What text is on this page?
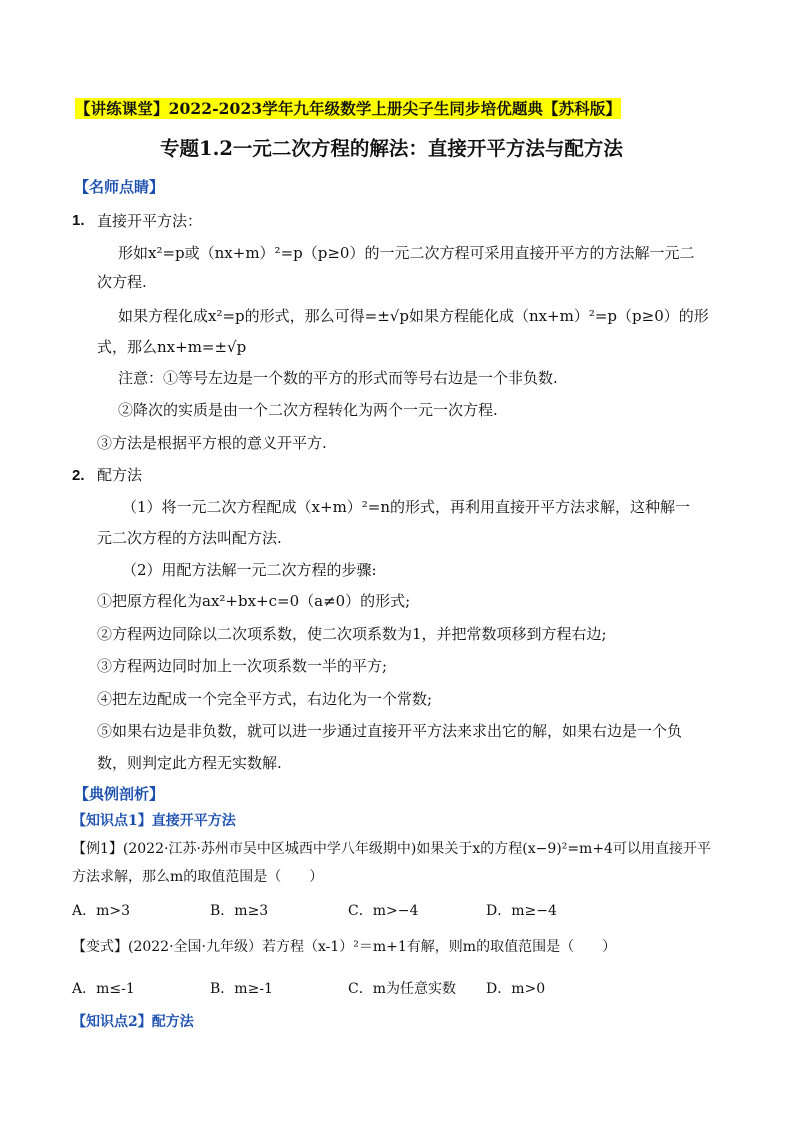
【讲练课堂】2022-2023学年九年级数学上册尖子生同步培优题典【苏科版】
专题1.2一元二次方程的解法：直接开平方法与配方法
【名师点睛】
1. 直接开平方法：
形如x²=p或（nx+m）²=p（p≥0）的一元二次方程可采用直接开平方的方法解一元二
次方程.
如果方程化成x²=p的形式，那么可得=±√p如果方程能化成（nx+m）²=p（p≥0）的形
式，那么nx+m=±√p
注意：①等号左边是一个数的平方的形式而等号右边是一个非负数.
②降次的实质是由一个二次方程转化为两个一元一次方程.
③方法是根据平方根的意义开平方.
2. 配方法
（1）将一元二次方程配成（x+m）²=n的形式，再利用直接开平方法求解，这种解一
元二次方程的方法叫配方法.
（2）用配方法解一元二次方程的步骤:
①把原方程化为ax²+bx+c=0（a≠0）的形式;
②方程两边同除以二次项系数，使二次项系数为1，并把常数项移到方程右边;
③方程两边同时加上一次项系数一半的平方;
④把左边配成一个完全平方式，右边化为一个常数;
⑤如果右边是非负数，就可以进一步通过直接开平方法来求出它的解，如果右边是一个负
数，则判定此方程无实数解.
【典例剖析】
【知识点1】直接开平方法
【例1】(2022·江苏·苏州市吴中区城西中学八年级期中)如果关于x的方程(x−9)²=m+4可以用直接开平
方法求解，那么m的取值范围是（　　）
A．m>3	B．m≥3	C．m>−4	D．m≥−4
【变式】(2022·全国·九年级）若方程（x-1）²＝m+1有解，则m的取值范围是（　　）
A．m≤-1	B．m≥-1	C．m为任意实数 D．m>0
【知识点2】配方法
